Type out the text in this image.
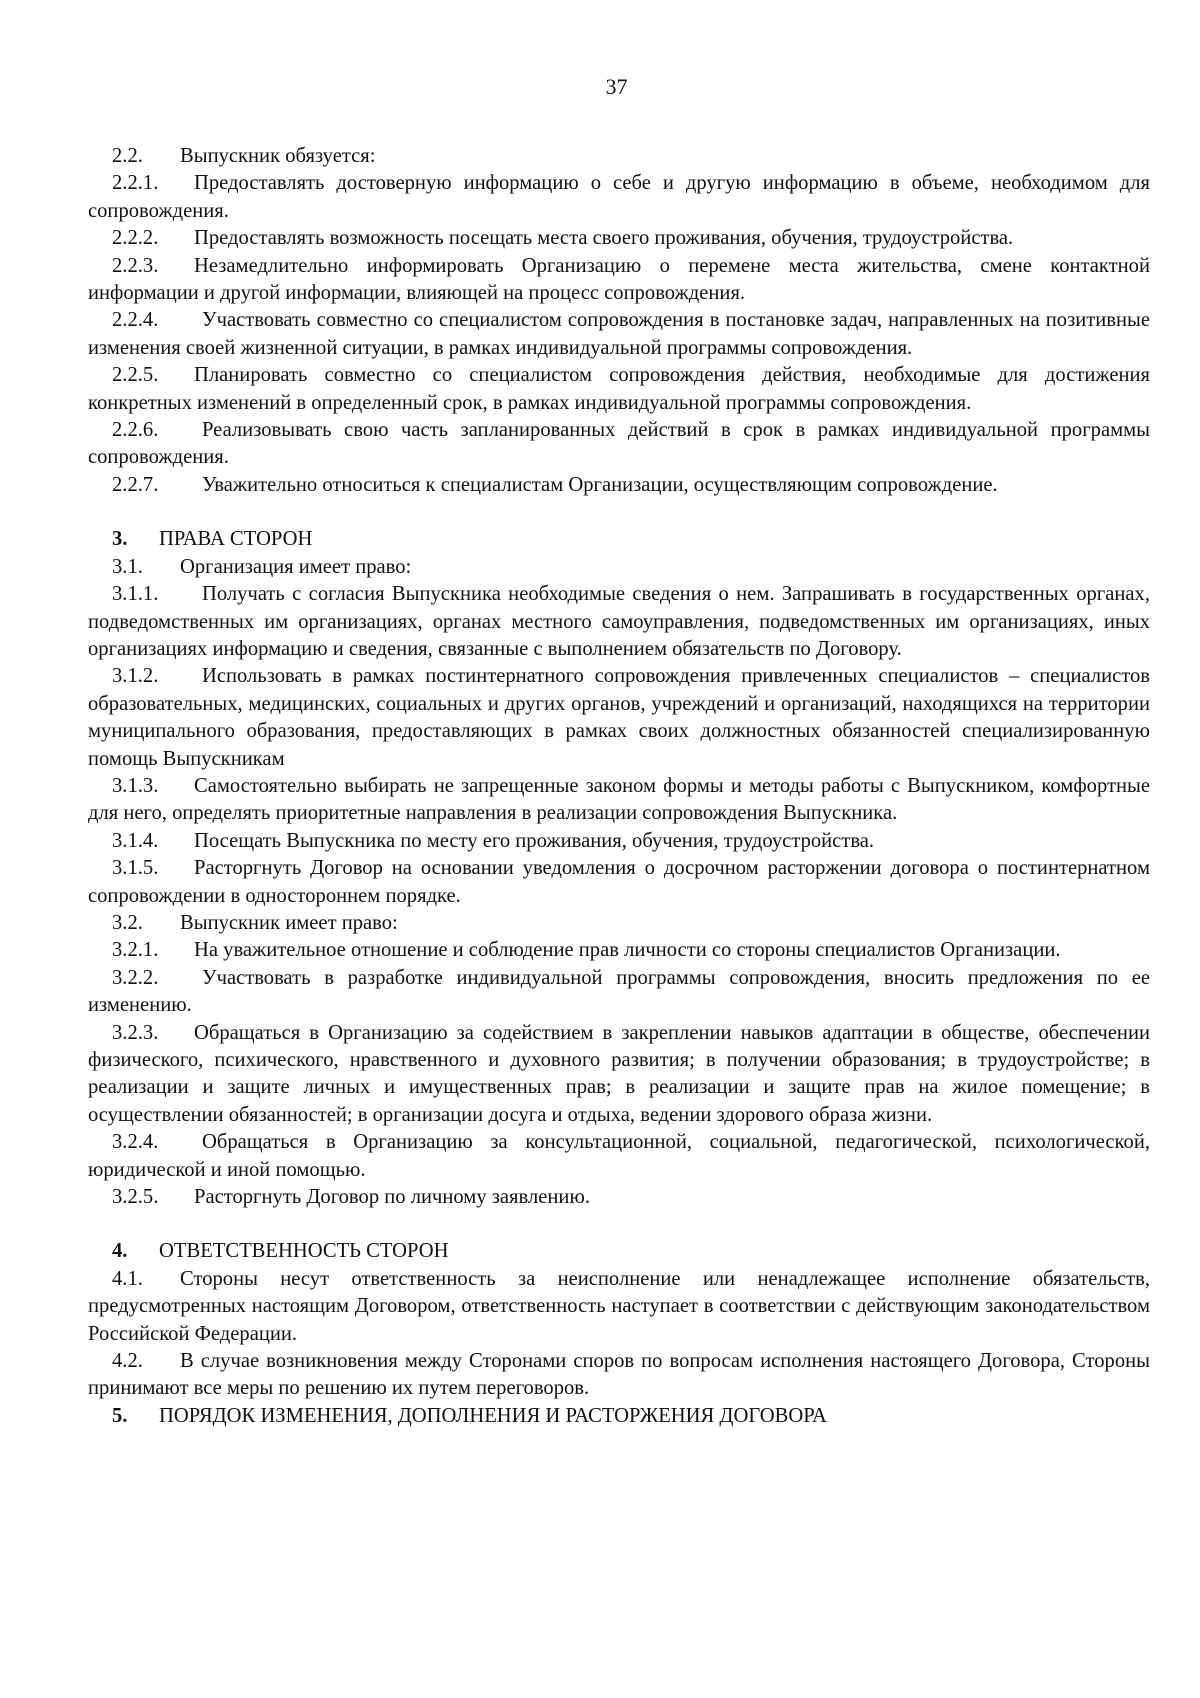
37

2.2. Выпускник обязуется:

2.2.1. Предоставлять достоверную информацию о себе и другую информацию в объеме, необходимом для сопровождения.

2.2.2. Предоставлять возможность посещать места своего проживания, обучения, трудоустройства.

2.2.3. Незамедлительно информировать Организацию о перемене места жительства, смене контактной информации и другой информации, влияющей на процесс сопровождения.

2.2.4. Участвовать совместно со специалистом сопровождения в постановке задач, направленных на позитивные изменения своей жизненной ситуации, в рамках индивидуальной программы сопровождения.

2.2.5. Планировать совместно со специалистом сопровождения действия, необходимые для достижения конкретных изменений в определенный срок, в рамках индивидуальной программы сопровождения.

2.2.6. Реализовывать свою часть запланированных действий в срок в рамках индивидуальной программы сопровождения.

2.2.7. Уважительно относиться к специалистам Организации, осуществляющим сопровождение.

3. ПРАВА СТОРОН

3.1. Организация имеет право:

3.1.1. Получать с согласия Выпускника необходимые сведения о нем. Запрашивать в государственных органах, подведомственных им организациях, органах местного самоуправления, подведомственных им организациях, иных организациях информацию и сведения, связанные с выполнением обязательств по Договору.

3.1.2. Использовать в рамках постинтернатного сопровождения привлеченных специалистов – специалистов образовательных, медицинских, социальных и других органов, учреждений и организаций, находящихся на территории муниципального образования, предоставляющих в рамках своих должностных обязанностей специализированную помощь Выпускникам

3.1.3. Самостоятельно выбирать не запрещенные законом формы и методы работы с Выпускником, комфортные для него, определять приоритетные направления в реализации сопровождения Выпускника.

3.1.4. Посещать Выпускника по месту его проживания, обучения, трудоустройства.

3.1.5. Расторгнуть Договор на основании уведомления о досрочном расторжении договора о постинтернатном сопровождении в одностороннем порядке.

3.2. Выпускник имеет право:

3.2.1. На уважительное отношение и соблюдение прав личности со стороны специалистов Организации.

3.2.2. Участвовать в разработке индивидуальной программы сопровождения, вносить предложения по ее изменению.

3.2.3. Обращаться в Организацию за содействием в закреплении навыков адаптации в обществе, обеспечении физического, психического, нравственного и духовного развития; в получении образования; в трудоустройстве; в реализации и защите личных и имущественных прав; в реализации и защите прав на жилое помещение; в осуществлении обязанностей; в организации досуга и отдыха, ведении здорового образа жизни.

3.2.4. Обращаться в Организацию за консультационной, социальной, педагогической, психологической, юридической и иной помощью.

3.2.5. Расторгнуть Договор по личному заявлению.

4. ОТВЕТСТВЕННОСТЬ СТОРОН

4.1. Стороны несут ответственность за неисполнение или ненадлежащее исполнение обязательств, предусмотренных настоящим Договором, ответственность наступает в соответствии с действующим законодательством Российской Федерации.

4.2. В случае возникновения между Сторонами споров по вопросам исполнения настоящего Договора, Стороны принимают все меры по решению их путем переговоров.

5. ПОРЯДОК ИЗМЕНЕНИЯ, ДОПОЛНЕНИЯ И РАСТОРЖЕНИЯ ДОГОВОРА
